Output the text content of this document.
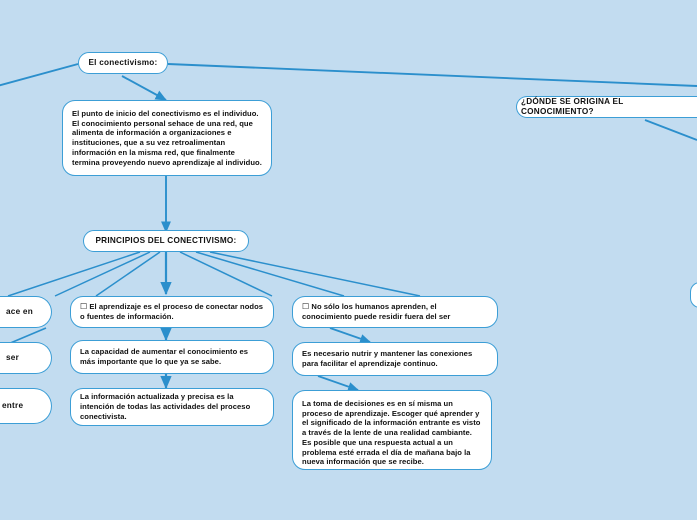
El conectivismo:
El punto de inicio del conectivismo es el individuo. El conocimiento personal sehace de una red, que alimenta de información a organizaciones e instituciones, que a su vez retroalimentan información en la misma red, que finalmente termina proveyendo nuevo aprendizaje al individuo.
¿DÓNDE SE ORIGINA EL CONOCIMIENTO?
PRINCIPIOS DEL CONECTIVISMO:
☐ El aprendizaje es el proceso de conectar nodos o fuentes de información.
La capacidad de aumentar el conocimiento es más importante que lo que ya se sabe.
La información actualizada y precisa es la intención de todas las actividades del proceso conectivista.
☐ No sólo los humanos aprenden, el conocimiento puede residir fuera del ser
Es necesario nutrir y mantener las conexiones para facilitar el aprendizaje continuo.
La toma de decisiones es en sí misma un proceso de aprendizaje. Escoger qué aprender y el significado de la información entrante es visto a través de la lente de una realidad cambiante. Es posible que una respuesta actual a un problema esté errada el día de mañana bajo la nueva información que se recibe.
ace en
ser
entre
